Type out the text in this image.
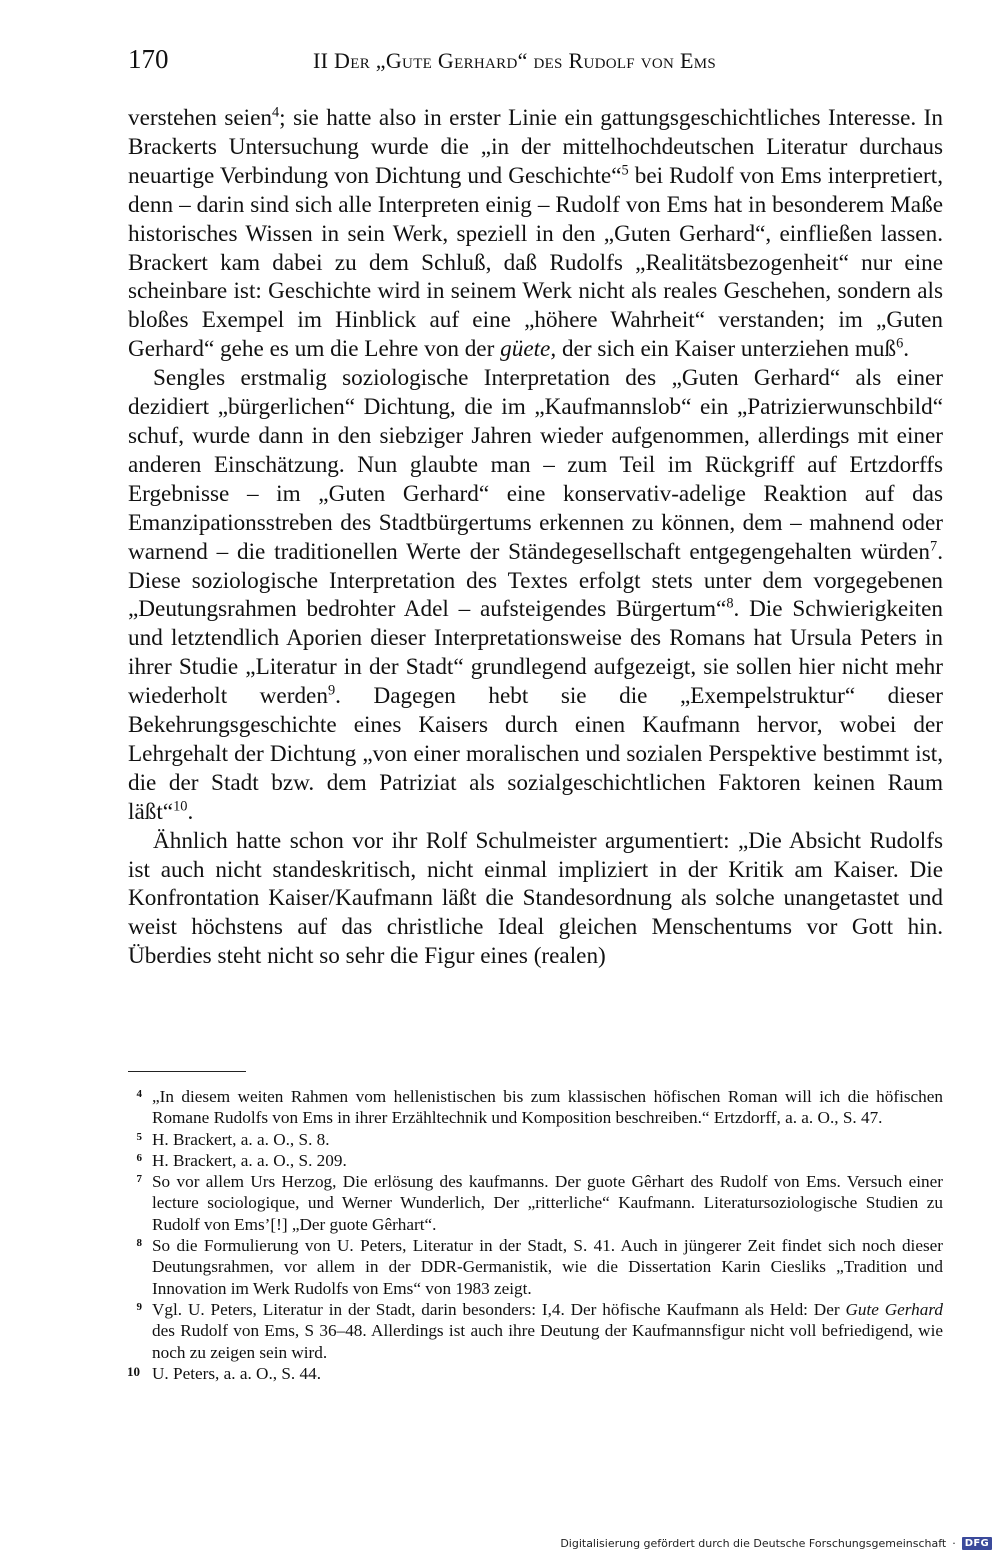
170	II Der „Gute Gerhard“ des Rudolf von Ems

verstehen seien$^4$; sie hatte also in erster Linie ein gattungsgeschichtliches Interesse. In Brackerts Untersuchung wurde die „in der mittelhochdeutschen Literatur durchaus neuartige Verbindung von Dichtung und Geschichte“$^5$ bei Rudolf von Ems interpretiert, denn – darin sind sich alle Interpreten einig – Rudolf von Ems hat in besonderem Maße historisches Wissen in sein Werk, speziell in den „Guten Gerhard“, einfließen lassen. Brackert kam dabei zu dem Schluß, daß Rudolfs „Realitätsbezogenheit“ nur eine scheinbare ist: Geschichte wird in seinem Werk nicht als reales Geschehen, sondern als bloßes Exempel im Hinblick auf eine „höhere Wahrheit“ verstanden; im „Guten Gerhard“ gehe es um die Lehre von der güete, der sich ein Kaiser unterziehen muß$^6$.

Sengles erstmalig soziologische Interpretation des „Guten Gerhard“ als einer dezidiert „bürgerlichen“ Dichtung, die im „Kaufmannslob“ ein „Patrizierwunschbild“ schuf, wurde dann in den siebziger Jahren wieder aufgenommen, allerdings mit einer anderen Einschätzung. Nun glaubte man – zum Teil im Rückgriff auf Ertzdorffs Ergebnisse – im „Guten Gerhard“ eine konservativ-adelige Reaktion auf das Emanzipationsstreben des Stadtbürgertums erkennen zu können, dem – mahnend oder warnend – die traditionellen Werte der Ständegesellschaft entgegengehalten würden$^7$. Diese soziologische Interpretation des Textes erfolgt stets unter dem vorgegebenen „Deutungsrahmen bedrohter Adel – aufsteigendes Bürgertum“$^8$. Die Schwierigkeiten und letztendlich Aporien dieser Interpretationsweise des Romans hat Ursula Peters in ihrer Studie „Literatur in der Stadt“ grundlegend aufgezeigt, sie sollen hier nicht mehr wiederholt werden$^9$. Dagegen hebt sie die „Exempelstruktur“ dieser Bekehrungsgeschichte eines Kaisers durch einen Kaufmann hervor, wobei der Lehrgehalt der Dichtung „von einer moralischen und sozialen Perspektive bestimmt ist, die der Stadt bzw. dem Patriziat als sozialgeschichtlichen Faktoren keinen Raum läßt“$^{10}$.

Ähnlich hatte schon vor ihr Rolf Schulmeister argumentiert: „Die Absicht Rudolfs ist auch nicht standeskritisch, nicht einmal impliziert in der Kritik am Kaiser. Die Konfrontation Kaiser/Kaufmann läßt die Standesordnung als solche unangetastet und weist höchstens auf das christliche Ideal gleichen Menschentums vor Gott hin. Überdies steht nicht so sehr die Figur eines (realen)

4 „In diesem weiten Rahmen vom hellenistischen bis zum klassischen höfischen Roman will ich die höfischen Romane Rudolfs von Ems in ihrer Erzähltechnik und Komposition beschreiben.“ Ertzdorff, a. a. O., S. 47.
5 H. Brackert, a. a. O., S. 8.
6 H. Brackert, a. a. O., S. 209.
7 So vor allem Urs Herzog, Die erlösung des kaufmanns. Der guote Gêrhart des Rudolf von Ems. Versuch einer lecture sociologique, und Werner Wunderlich, Der „ritterliche“ Kaufmann. Literatursoziologische Studien zu Rudolf von Ems’[!] „Der guote Gêrhart“.
8 So die Formulierung von U. Peters, Literatur in der Stadt, S. 41. Auch in jüngerer Zeit findet sich noch dieser Deutungsrahmen, vor allem in der DDR-Germanistik, wie die Dissertation Karin Ciesliks „Tradition und Innovation im Werk Rudolfs von Ems“ von 1983 zeigt.
9 Vgl. U. Peters, Literatur in der Stadt, darin besonders: I,4. Der höfische Kaufmann als Held: Der Gute Gerhard des Rudolf von Ems, S 36–48. Allerdings ist auch ihre Deutung der Kaufmannsfigur nicht voll befriedigend, wie noch zu zeigen sein wird.
10 U. Peters, a. a. O., S. 44.
Digitalisierung gefördert durch die Deutsche Forschungsgemeinschaft · DFG
